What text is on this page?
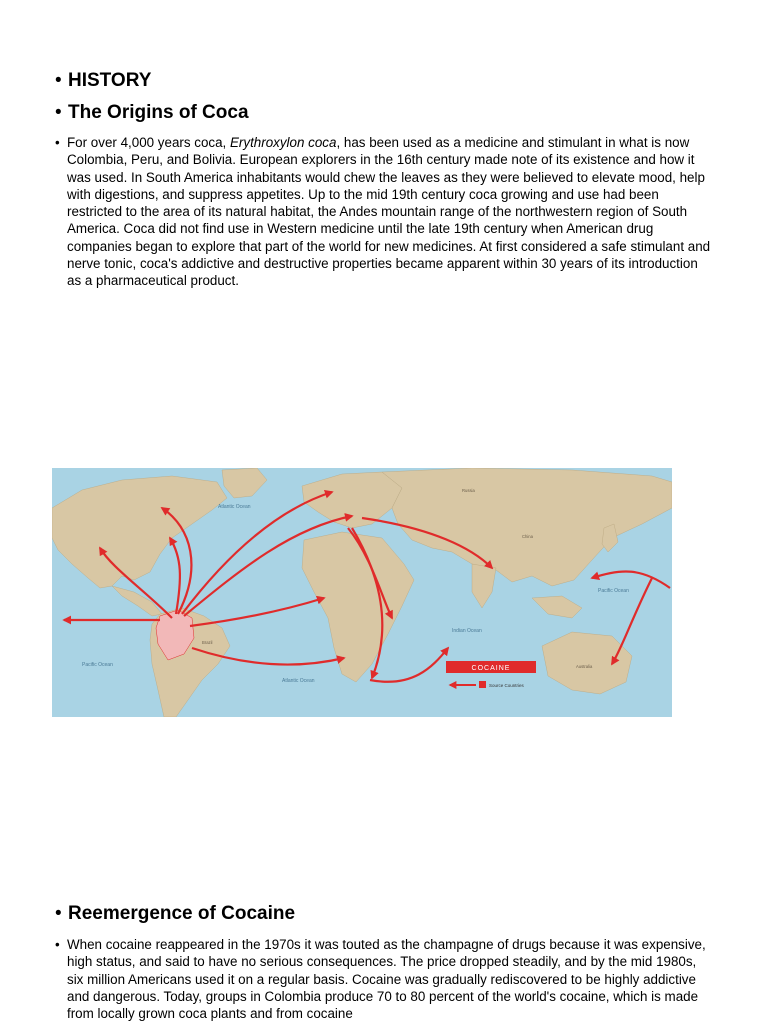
• HISTORY
• The Origins of Coca
• For over 4,000 years coca, Erythroxylon coca, has been used as a medicine and stimulant in what is now Colombia, Peru, and Bolivia. European explorers in the 16th century made note of its existence and how it was used. In South America inhabitants would chew the leaves as they were believed to elevate mood, help with digestions, and suppress appetites. Up to the mid 19th century coca growing and use had been restricted to the area of its natural habitat, the Andes mountain range of the northwestern region of South America. Coca did not find use in Western medicine until the late 19th century when American drug companies began to explore that part of the world for new medicines. At first considered a safe stimulant and nerve tonic, coca's addictive and destructive properties became apparent within 30 years of its introduction as a pharmaceutical product.
Atlantic Ocean
Pacific Ocean
Pacific Ocean
Atlantic Ocean
Indian Ocean
Russia
China
Brazil
Australia
COCAINE
Source Countries
• Reemergence of Cocaine
• When cocaine reappeared in the 1970s it was touted as the champagne of drugs because it was expensive, high status, and said to have no serious consequences. The price dropped steadily, and by the mid 1980s, six million Americans used it on a regular basis. Cocaine was gradually rediscovered to be highly addictive and dangerous. Today, groups in Colombia produce 70 to 80 percent of the world's cocaine, which is made from locally grown coca plants and from cocaine
